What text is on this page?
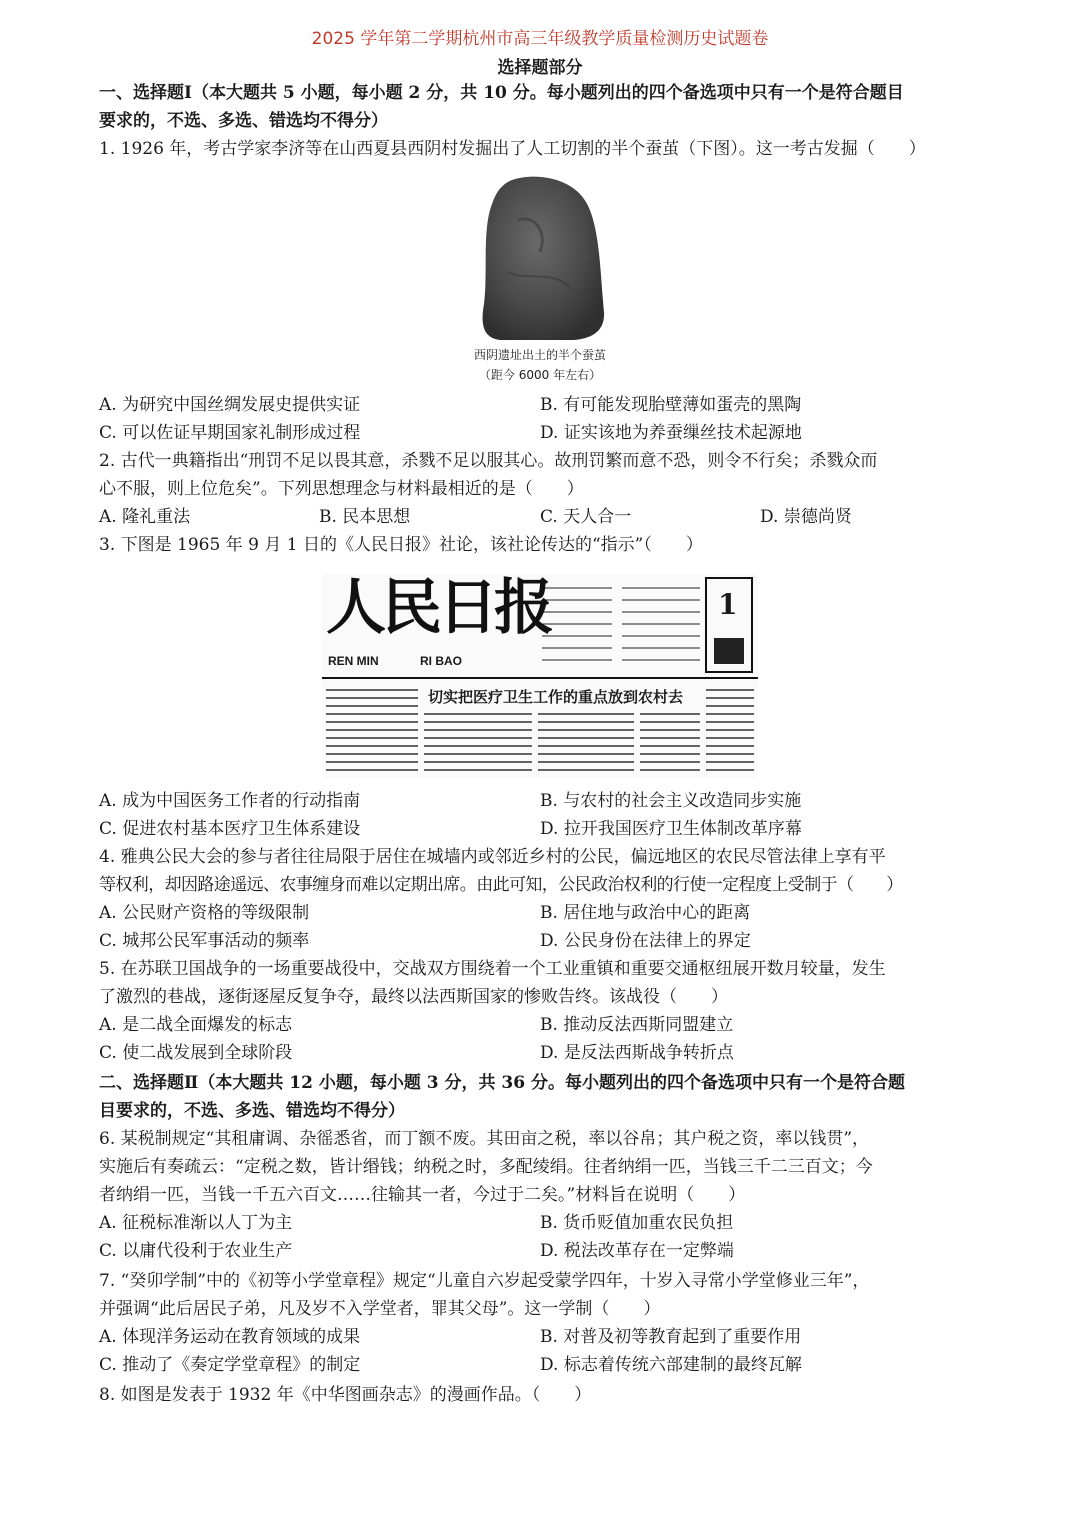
2025 学年第二学期杭州市高三年级教学质量检测历史试题卷
选择题部分
一、选择题Ⅰ（本大题共 5 小题，每小题 2 分，共 10 分。每小题列出的四个备选项中只有一个是符合题目
要求的，不选、多选、错选均不得分）
1. 1926 年，考古学家李济等在山西夏县西阴村发掘出了人工切割的半个蚕茧（下图）。这一考古发掘（　　）
西阴遗址出土的半个蚕茧
（距今 6000 年左右）
A. 为研究中国丝绸发展史提供实证	B. 有可能发现胎壁薄如蛋壳的黑陶
C. 可以佐证早期国家礼制形成过程	D. 证实该地为养蚕缫丝技术起源地
2. 古代一典籍指出“刑罚不足以畏其意，杀戮不足以服其心。故刑罚繁而意不恐，则令不行矣；杀戮众而
心不服，则上位危矣”。下列思想理念与材料最相近的是（　　）
A. 隆礼重法	B. 民本思想	C. 天人合一	D. 崇德尚贤
3. 下图是 1965 年 9 月 1 日的《人民日报》社论，该社论传达的“指示”（　　）
人民日报
REN MIN	RI BAO
1
切实把医疗卫生工作的重点放到农村去
A. 成为中国医务工作者的行动指南	B. 与农村的社会主义改造同步实施
C. 促进农村基本医疗卫生体系建设	D. 拉开我国医疗卫生体制改革序幕
4. 雅典公民大会的参与者往往局限于居住在城墙内或邻近乡村的公民，偏远地区的农民尽管法律上享有平
等权利，却因路途遥远、农事缠身而难以定期出席。由此可知，公民政治权利的行使一定程度上受制于（　　）
A. 公民财产资格的等级限制	B. 居住地与政治中心的距离
C. 城邦公民军事活动的频率	D. 公民身份在法律上的界定
5. 在苏联卫国战争的一场重要战役中，交战双方围绕着一个工业重镇和重要交通枢纽展开数月较量，发生
了激烈的巷战，逐街逐屋反复争夺，最终以法西斯国家的惨败告终。该战役（　　）
A. 是二战全面爆发的标志	B. 推动反法西斯同盟建立
C. 使二战发展到全球阶段	D. 是反法西斯战争转折点
二、选择题Ⅱ（本大题共 12 小题，每小题 3 分，共 36 分。每小题列出的四个备选项中只有一个是符合题
目要求的，不选、多选、错选均不得分）
6. 某税制规定“其租庸调、杂徭悉省，而丁额不废。其田亩之税，率以谷帛；其户税之资，率以钱贯”，
实施后有奏疏云：“定税之数，皆计缗钱；纳税之时，多配绫绢。往者纳绢一匹，当钱三千二三百文；今
者纳绢一匹，当钱一千五六百文……往输其一者，今过于二矣。”材料旨在说明（　　）
A. 征税标准渐以人丁为主	B. 货币贬值加重农民负担
C. 以庸代役利于农业生产	D. 税法改革存在一定弊端
7. “癸卯学制”中的《初等小学堂章程》规定“儿童自六岁起受蒙学四年，十岁入寻常小学堂修业三年”，
并强调“此后居民子弟，凡及岁不入学堂者，罪其父母”。这一学制（　　）
A. 体现洋务运动在教育领域的成果	B. 对普及初等教育起到了重要作用
C. 推动了《奏定学堂章程》的制定	D. 标志着传统六部建制的最终瓦解
8. 如图是发表于 1932 年《中华图画杂志》的漫画作品。（　　）
